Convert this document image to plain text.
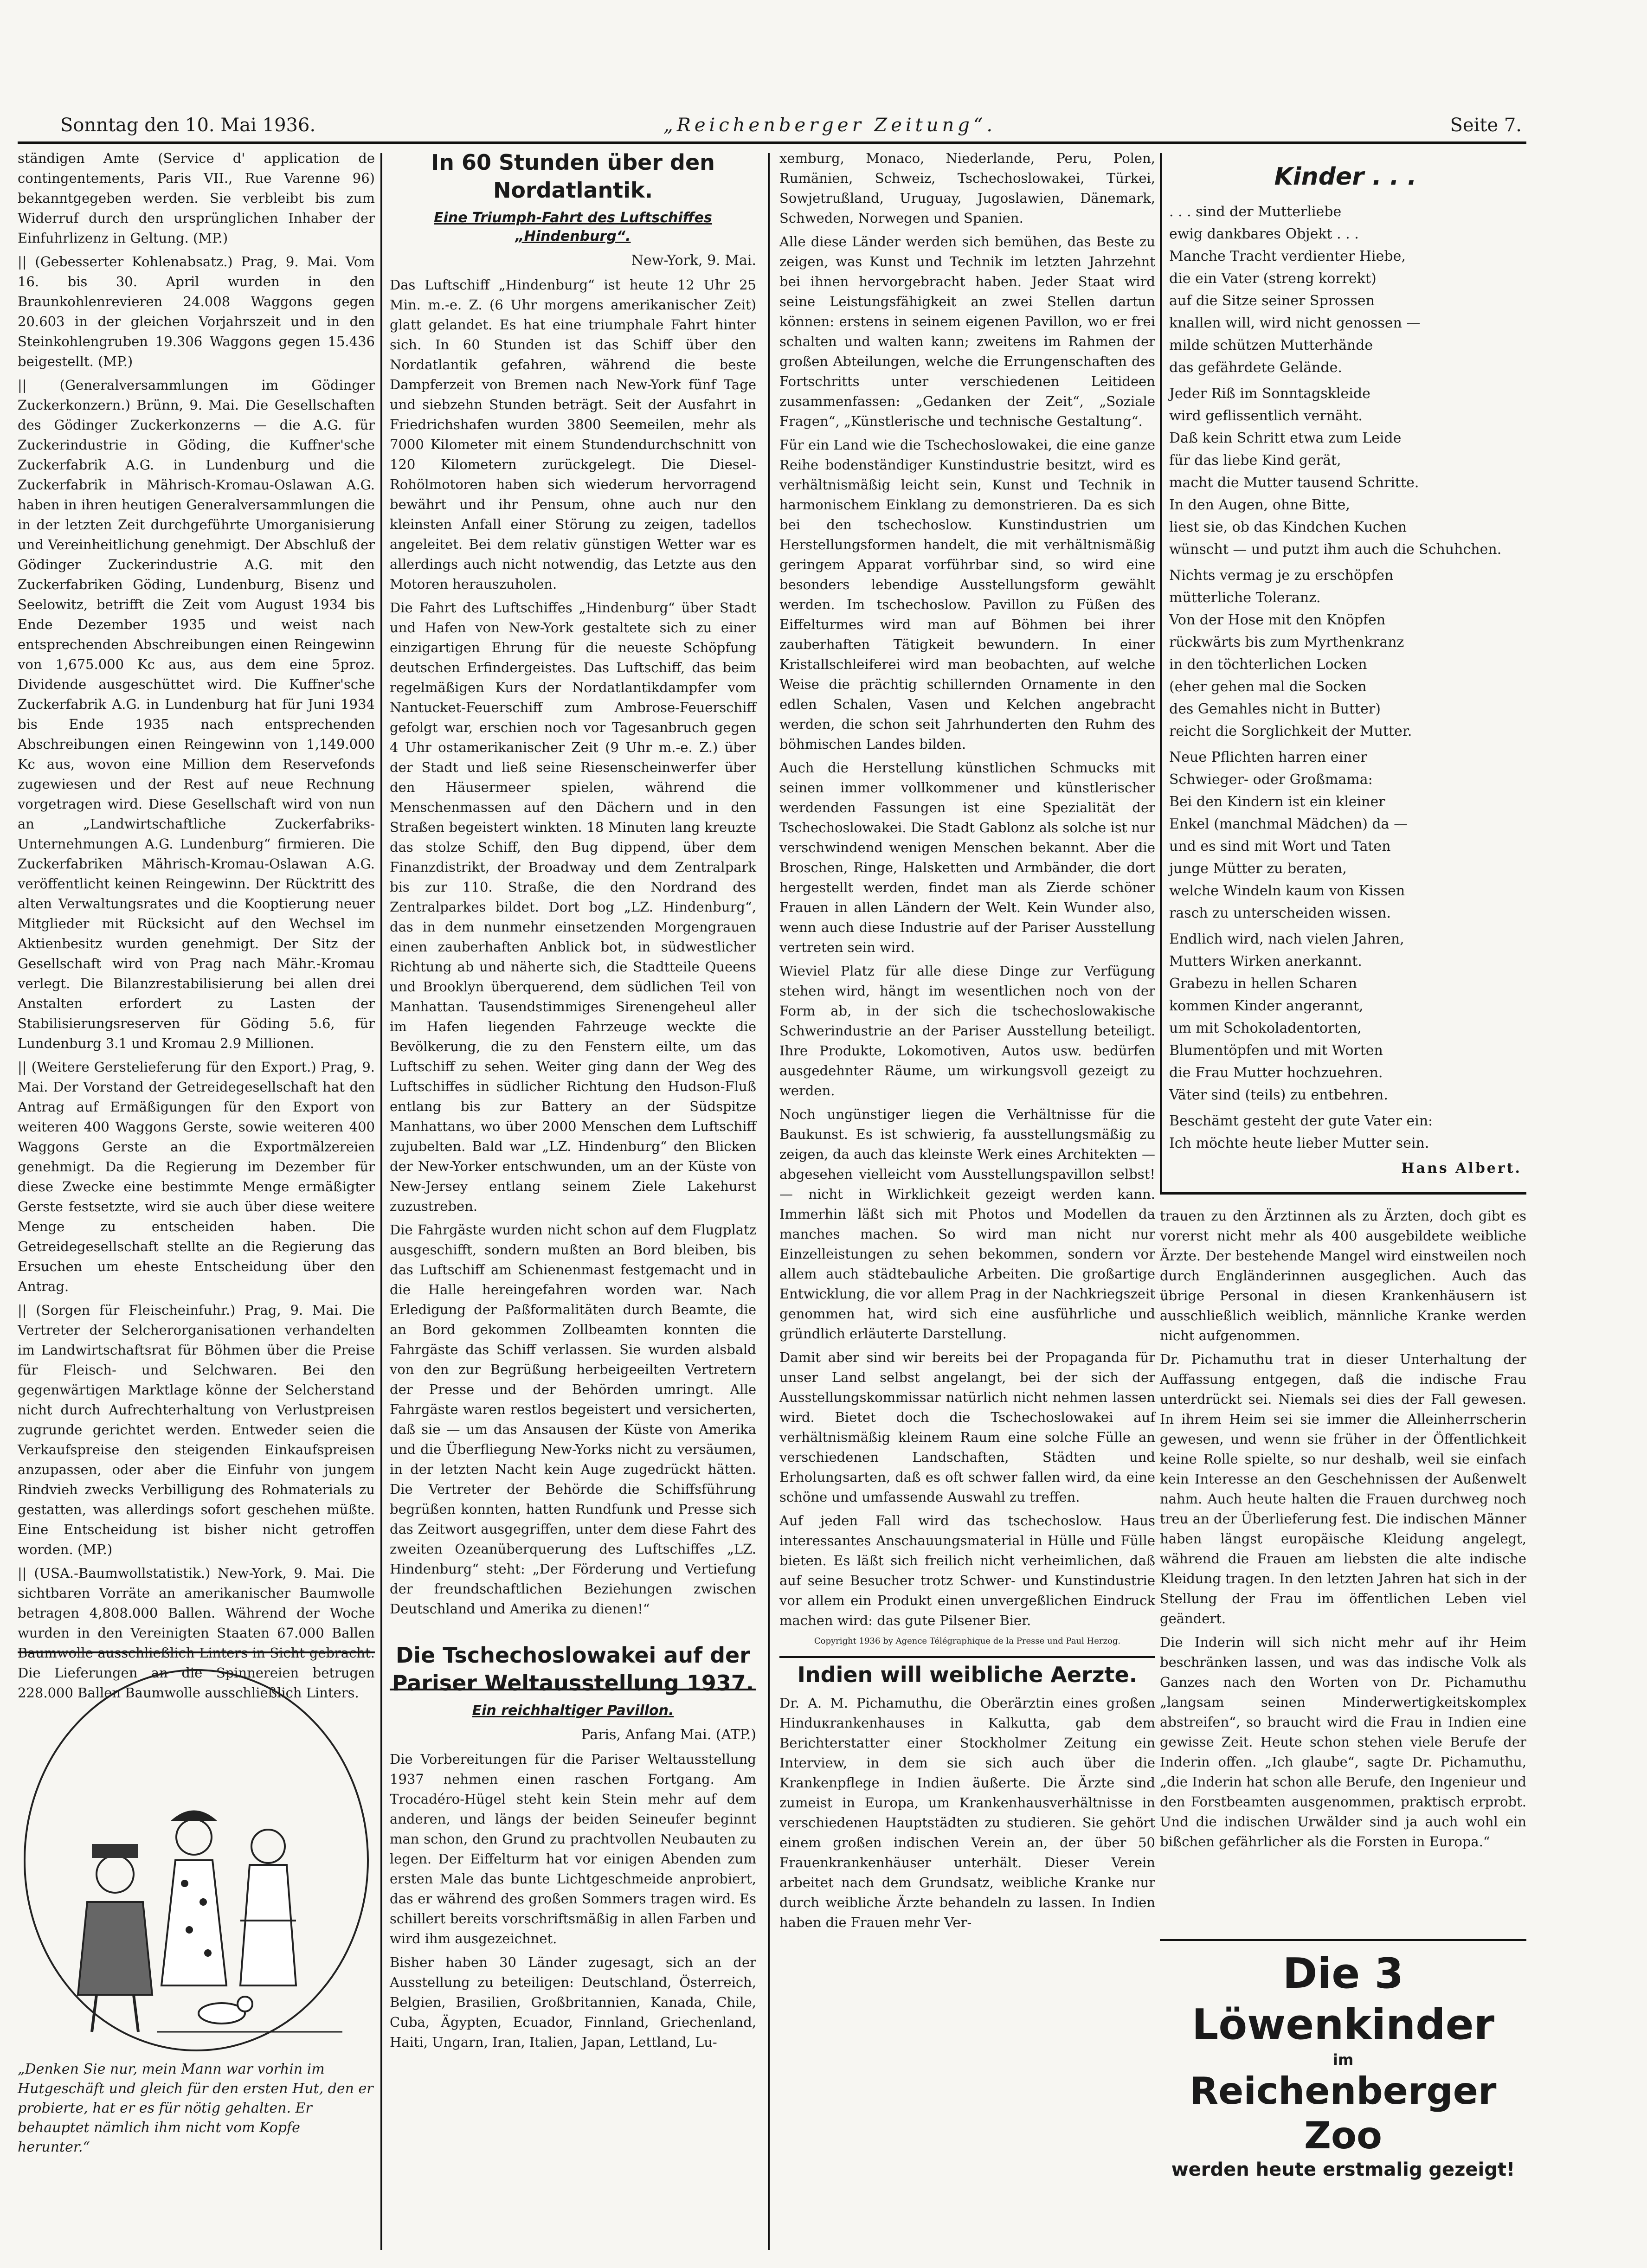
Sonntag den 10. Mai 1936.	„Reichenberger Zeitung“.	Seite 7.

ständigen Amte (Service d' application de contingentements, Paris VII., Rue Varenne 96) bekanntgegeben werden. Sie verbleibt bis zum Widerruf durch den ursprünglichen Inhaber der Einfuhrlizenz in Geltung. (MP.)

|| (Gebesserter Kohlenabsatz.) Prag, 9. Mai. Vom 16. bis 30. April wurden in den Braunkohlenrevieren 24.008 Waggons gegen 20.603 in der gleichen Vorjahrszeit und in den Steinkohlengruben 19.306 Waggons gegen 15.436 beigestellt. (MP.)

|| (Generalversammlungen im Gödinger Zuckerkonzern.) Brünn, 9. Mai. Die Gesellschaften des Gödinger Zuckerkonzerns — die A.G. für Zuckerindustrie in Göding, die Kuffner'sche Zuckerfabrik A.G. in Lundenburg und die Zuckerfabrik in Mährisch-Kromau-Oslawan A.G. haben in ihren heutigen Generalversammlungen die in der letzten Zeit durchgeführte Umorganisierung und Vereinheitlichung genehmigt. Der Abschluß der Gödinger Zuckerindustrie A.G. mit den Zuckerfabriken Göding, Lundenburg, Bisenz und Seelowitz, betrifft die Zeit vom August 1934 bis Ende Dezember 1935 und weist nach entsprechenden Abschreibungen einen Reingewinn von 1,675.000 Kc aus, aus dem eine 5proz. Dividende ausgeschüttet wird. Die Kuffner'sche Zuckerfabrik A.G. in Lundenburg hat für Juni 1934 bis Ende 1935 nach entsprechenden Abschreibungen einen Reingewinn von 1,149.000 Kc aus, wovon eine Million dem Reservefonds zugewiesen und der Rest auf neue Rechnung vorgetragen wird. Diese Gesellschaft wird von nun an „Landwirtschaftliche Zuckerfabriks-Unternehmungen A.G. Lundenburg“ firmieren. Die Zuckerfabriken Mährisch-Kromau-Oslawan A.G. veröffentlicht keinen Reingewinn. Der Rücktritt des alten Verwaltungsrates und die Kooptierung neuer Mitglieder mit Rücksicht auf den Wechsel im Aktienbesitz wurden genehmigt. Der Sitz der Gesellschaft wird von Prag nach Mähr.-Kromau verlegt. Die Bilanzrestabilisierung bei allen drei Anstalten erfordert zu Lasten der Stabilisierungsreserven für Göding 5.6, für Lundenburg 3.1 und Kromau 2.9 Millionen.

|| (Weitere Gerstelieferung für den Export.) Prag, 9. Mai. Der Vorstand der Getreidegesellschaft hat den Antrag auf Ermäßigungen für den Export von weiteren 400 Waggons Gerste, sowie weiteren 400 Waggons Gerste an die Exportmälzereien genehmigt. Da die Regierung im Dezember für diese Zwecke eine bestimmte Menge ermäßigter Gerste festsetzte, wird sie auch über diese weitere Menge zu entscheiden haben. Die Getreidegesellschaft stellte an die Regierung das Ersuchen um eheste Entscheidung über den Antrag.

|| (Sorgen für Fleischeinfuhr.) Prag, 9. Mai. Die Vertreter der Selcherorganisationen verhandelten im Landwirtschaftsrat für Böhmen über die Preise für Fleisch- und Selchwaren. Bei den gegenwärtigen Marktlage könne der Selcherstand nicht durch Aufrechterhaltung von Verlustpreisen zugrunde gerichtet werden. Entweder seien die Verkaufspreise den steigenden Einkaufspreisen anzupassen, oder aber die Einfuhr von jungem Rindvieh zwecks Verbilligung des Rohmaterials zu gestatten, was allerdings sofort geschehen müßte. Eine Entscheidung ist bisher nicht getroffen worden. (MP.)

|| (USA.-Baumwollstatistik.) New-York, 9. Mai. Die sichtbaren Vorräte an amerikanischer Baumwolle betragen 4,808.000 Ballen. Während der Woche wurden in den Vereinigten Staaten 67.000 Ballen Baumwolle ausschließlich Linters in Sicht gebracht. Die Lieferungen an die Spinnereien betrugen 228.000 Ballen Baumwolle ausschließlich Linters.

„Denken Sie nur, mein Mann war vorhin im Hutgeschäft und gleich für den ersten Hut, den er probierte, hat er es für nötig gehalten. Er behauptet nämlich ihm nicht vom Kopfe herunter.“
In 60 Stunden über den Nordatlantik.
Eine Triumph-Fahrt des Luftschiffes „Hindenburg“.
New-York, 9. Mai.

Das Luftschiff „Hindenburg“ ist heute 12 Uhr 25 Min. m.-e. Z. (6 Uhr morgens amerikanischer Zeit) glatt gelandet. Es hat eine triumphale Fahrt hinter sich. In 60 Stunden ist das Schiff über den Nordatlantik gefahren, während die beste Dampferzeit von Bremen nach New-York fünf Tage und siebzehn Stunden beträgt. Seit der Ausfahrt in Friedrichshafen wurden 3800 Seemeilen, mehr als 7000 Kilometer mit einem Stundendurchschnitt von 120 Kilometern zurückgelegt. Die Diesel-Rohölmotoren haben sich wiederum hervorragend bewährt und ihr Pensum, ohne auch nur den kleinsten Anfall einer Störung zu zeigen, tadellos angeleitet. Bei dem relativ günstigen Wetter war es allerdings auch nicht notwendig, das Letzte aus den Motoren herauszuholen.

Die Fahrt des Luftschiffes „Hindenburg“ über Stadt und Hafen von New-York gestaltete sich zu einer einzigartigen Ehrung für die neueste Schöpfung deutschen Erfindergeistes. Das Luftschiff, das beim regelmäßigen Kurs der Nordatlantikdampfer vom Nantucket-Feuerschiff zum Ambrose-Feuerschiff gefolgt war, erschien noch vor Tagesanbruch gegen 4 Uhr ostamerikanischer Zeit (9 Uhr m.-e. Z.) über der Stadt und ließ seine Riesenscheinwerfer über den Häusermeer spielen, während die Menschenmassen auf den Dächern und in den Straßen begeistert winkten. 18 Minuten lang kreuzte das stolze Schiff, den Bug dippend, über dem Finanzdistrikt, der Broadway und dem Zentralpark bis zur 110. Straße, die den Nordrand des Zentralparkes bildet. Dort bog „LZ. Hindenburg“, das in dem nunmehr einsetzenden Morgengrauen einen zauberhaften Anblick bot, in südwestlicher Richtung ab und näherte sich, die Stadtteile Queens und Brooklyn überquerend, dem südlichen Teil von Manhattan. Tausendstimmiges Sirenengeheul aller im Hafen liegenden Fahrzeuge weckte die Bevölkerung, die zu den Fenstern eilte, um das Luftschiff zu sehen. Weiter ging dann der Weg des Luftschiffes in südlicher Richtung den Hudson-Fluß entlang bis zur Battery an der Südspitze Manhattans, wo über 2000 Menschen dem Luftschiff zujubelten. Bald war „LZ. Hindenburg“ den Blicken der New-Yorker entschwunden, um an der Küste von New-Jersey entlang seinem Ziele Lakehurst zuzustreben.

Die Fahrgäste wurden nicht schon auf dem Flugplatz ausgeschifft, sondern mußten an Bord bleiben, bis das Luftschiff am Schienenmast festgemacht und in die Halle hereingefahren worden war. Nach Erledigung der Paßformalitäten durch Beamte, die an Bord gekommen Zollbeamten konnten die Fahrgäste das Schiff verlassen. Sie wurden alsbald von den zur Begrüßung herbeigeeilten Vertretern der Presse und der Behörden umringt. Alle Fahrgäste waren restlos begeistert und versicherten, daß sie — um das Ansausen der Küste von Amerika und die Überfliegung New-Yorks nicht zu versäumen, in der letzten Nacht kein Auge zugedrückt hätten. Die Vertreter der Behörde die Schiffsführung begrüßen konnten, hatten Rundfunk und Presse sich das Zeitwort ausgegriffen, unter dem diese Fahrt des zweiten Ozeanüberquerung des Luftschiffes „LZ. Hindenburg“ steht: „Der Förderung und Vertiefung der freundschaftlichen Beziehungen zwischen Deutschland und Amerika zu dienen!“

Die Tschechoslowakei auf der Pariser Weltausstellung 1937.
Ein reichhaltiger Pavillon.
Paris, Anfang Mai. (ATP.)

Die Vorbereitungen für die Pariser Weltausstellung 1937 nehmen einen raschen Fortgang. Am Trocadéro-Hügel steht kein Stein mehr auf dem anderen, und längs der beiden Seineufer beginnt man schon, den Grund zu prachtvollen Neubauten zu legen. Der Eiffelturm hat vor einigen Abenden zum ersten Male das bunte Lichtgeschmeide anprobiert, das er während des großen Sommers tragen wird. Es schillert bereits vorschriftsmäßig in allen Farben und wird ihm ausgezeichnet.

Bisher haben 30 Länder zugesagt, sich an der Ausstellung zu beteiligen: Deutschland, Österreich, Belgien, Brasilien, Großbritannien, Kanada, Chile, Cuba, Ägypten, Ecuador, Finnland, Griechenland, Haiti, Ungarn, Iran, Italien, Japan, Lettland, Lu-

xemburg, Monaco, Niederlande, Peru, Polen, Rumänien, Schweiz, Tschechoslowakei, Türkei, Sowjetrußland, Uruguay, Jugoslawien, Dänemark, Schweden, Norwegen und Spanien.

Alle diese Länder werden sich bemühen, das Beste zu zeigen, was Kunst und Technik im letzten Jahrzehnt bei ihnen hervorgebracht haben. Jeder Staat wird seine Leistungsfähigkeit an zwei Stellen dartun können: erstens in seinem eigenen Pavillon, wo er frei schalten und walten kann; zweitens im Rahmen der großen Abteilungen, welche die Errungenschaften des Fortschritts unter verschiedenen Leitideen zusammenfassen: „Gedanken der Zeit“, „Soziale Fragen“, „Künstlerische und technische Gestaltung“.

Für ein Land wie die Tschechoslowakei, die eine ganze Reihe bodenständiger Kunstindustrie besitzt, wird es verhältnismäßig leicht sein, Kunst und Technik in harmonischem Einklang zu demonstrieren. Da es sich bei den tschechoslow. Kunstindustrien um Herstellungsformen handelt, die mit verhältnismäßig geringem Apparat vorführbar sind, so wird eine besonders lebendige Ausstellungsform gewählt werden. Im tschechoslow. Pavillon zu Füßen des Eiffelturmes wird man auf Böhmen bei ihrer zauberhaften Tätigkeit bewundern. In einer Kristallschleiferei wird man beobachten, auf welche Weise die prächtig schillernden Ornamente in den edlen Schalen, Vasen und Kelchen angebracht werden, die schon seit Jahrhunderten den Ruhm des böhmischen Landes bilden.

Auch die Herstellung künstlichen Schmucks mit seinen immer vollkommener und künstlerischer werdenden Fassungen ist eine Spezialität der Tschechoslowakei. Die Stadt Gablonz als solche ist nur verschwindend wenigen Menschen bekannt. Aber die Broschen, Ringe, Halsketten und Armbänder, die dort hergestellt werden, findet man als Zierde schöner Frauen in allen Ländern der Welt. Kein Wunder also, wenn auch diese Industrie auf der Pariser Ausstellung vertreten sein wird.

Wieviel Platz für alle diese Dinge zur Verfügung stehen wird, hängt im wesentlichen noch von der Form ab, in der sich die tschechoslowakische Schwerindustrie an der Pariser Ausstellung beteiligt. Ihre Produkte, Lokomotiven, Autos usw. bedürfen ausgedehnter Räume, um wirkungsvoll gezeigt zu werden.

Noch ungünstiger liegen die Verhältnisse für die Baukunst. Es ist schwierig, fa ausstellungsmäßig zu zeigen, da auch das kleinste Werk eines Architekten — abgesehen vielleicht vom Ausstellungspavillon selbst! — nicht in Wirklichkeit gezeigt werden kann. Immerhin läßt sich mit Photos und Modellen da manches machen. So wird man nicht nur Einzelleistungen zu sehen bekommen, sondern vor allem auch städtebauliche Arbeiten. Die großartige Entwicklung, die vor allem Prag in der Nachkriegszeit genommen hat, wird sich eine ausführliche und gründlich erläuterte Darstellung.

Damit aber sind wir bereits bei der Propaganda für unser Land selbst angelangt, bei der sich der Ausstellungskommissar natürlich nicht nehmen lassen wird. Bietet doch die Tschechoslowakei auf verhältnismäßig kleinem Raum eine solche Fülle an verschiedenen Landschaften, Städten und Erholungsarten, daß es oft schwer fallen wird, da eine schöne und umfassende Auswahl zu treffen.

Auf jeden Fall wird das tschechoslow. Haus interessantes Anschauungsmaterial in Hülle und Fülle bieten. Es läßt sich freilich nicht verheimlichen, daß auf seine Besucher trotz Schwer- und Kunstindustrie vor allem ein Produkt einen unvergeßlichen Eindruck machen wird: das gute Pilsener Bier.

Copyright 1936 by Agence Télégraphique de la Presse und Paul Herzog.
Indien will weibliche Aerzte.

Dr. A. M. Pichamuthu, die Oberärztin eines großen Hinduкrankenhauses in Kalkutta, gab dem Berichterstatter einer Stockholmer Zeitung ein Interview, in dem sie sich auch über die Krankenpflege in Indien äußerte. Die Ärzte sind zumeist in Europa, um Krankenhausverhältnisse in verschiedenen Hauptstädten zu studieren. Sie gehört einem großen indischen Verein an, der über 50 Frauenkrankenhäuser unterhält. Dieser Verein arbeitet nach dem Grundsatz, weibliche Kranke nur durch weibliche Ärzte behandeln zu lassen. In Indien haben die Frauen mehr Ver-

Kinder . . .

. . . sind der Mutterliebe
ewig dankbares Objekt . . .
Manche Tracht verdienter Hiebe,
die ein Vater (streng korrekt)
auf die Sitze seiner Sprossen
knallen will, wird nicht genossen —
milde schützen Mutterhände
das gefährdete Gelände.

Jeder Riß im Sonntagskleide
wird geflissentlich vernäht.
Daß kein Schritt etwa zum Leide
für das liebe Kind gerät,
macht die Mutter tausend Schritte.
In den Augen, ohne Bitte,
liest sie, ob das Kindchen Kuchen
wünscht — und putzt ihm auch die Schuhchen.

Nichts vermag je zu erschöpfen
mütterliche Toleranz.
Von der Hose mit den Knöpfen
rückwärts bis zum Myrthenkranz
in den töchterlichen Locken
(eher gehen mal die Socken
des Gemahles nicht in Butter)
reicht die Sorglichkeit der Mutter.

Neue Pflichten harren einer
Schwieger- oder Großmama:
Bei den Kindern ist ein kleiner
Enkel (manchmal Mädchen) da —
und es sind mit Wort und Taten
junge Mütter zu beraten,
welche Windeln kaum von Kissen
rasch zu unterscheiden wissen.

Endlich wird, nach vielen Jahren,
Mutters Wirken anerkannt.
Grabezu in hellen Scharen
kommen Kinder angerannt,
um mit Schokoladentorten,
Blumentöpfen und mit Worten
die Frau Mutter hochzuehren.
Väter sind (teils) zu entbehren.

Beschämt gesteht der gute Vater ein:
Ich möchte heute lieber Mutter sein.

Hans Albert.

trauen zu den Ärztinnen als zu Ärzten, doch gibt es vorerst nicht mehr als 400 ausgebildete weibliche Ärzte. Der bestehende Mangel wird einstweilen noch durch Engländerinnen ausgeglichen. Auch das übrige Personal in diesen Krankenhäusern ist ausschließlich weiblich, männliche Kranke werden nicht aufgenommen.

Dr. Pichamuthu trat in dieser Unterhaltung der Auffassung entgegen, daß die indische Frau unterdrückt sei. Niemals sei dies der Fall gewesen. In ihrem Heim sei sie immer die Alleinherrscherin gewesen, und wenn sie früher in der Öffentlichkeit keine Rolle spielte, so nur deshalb, weil sie einfach kein Interesse an den Geschehnissen der Außenwelt nahm. Auch heute halten die Frauen durchweg noch treu an der Überlieferung fest. Die indischen Männer haben längst europäische Kleidung angelegt, während die Frauen am liebsten die alte indische Kleidung tragen. In den letzten Jahren hat sich in der Stellung der Frau im öffentlichen Leben viel geändert.

Die Inderin will sich nicht mehr auf ihr Heim beschränken lassen, und was das indische Volk als Ganzes nach den Worten von Dr. Pichamuthu „langsam seinen Minderwertigkeitskomplex abstreifen“, so braucht wird die Frau in Indien eine gewisse Zeit. Heute schon stehen viele Berufe der Inderin offen. „Ich glaube“, sagte Dr. Pichamuthu, „die Inderin hat schon alle Berufe, den Ingenieur und den Forstbeamten ausgenommen, praktisch erprobt. Und die indischen Urwälder sind ja auch wohl ein bißchen gefährlicher als die Forsten in Europa.“

Die 3 Löwenkinder
im
Reichenberger Zoo
werden heute erstmalig gezeigt!
